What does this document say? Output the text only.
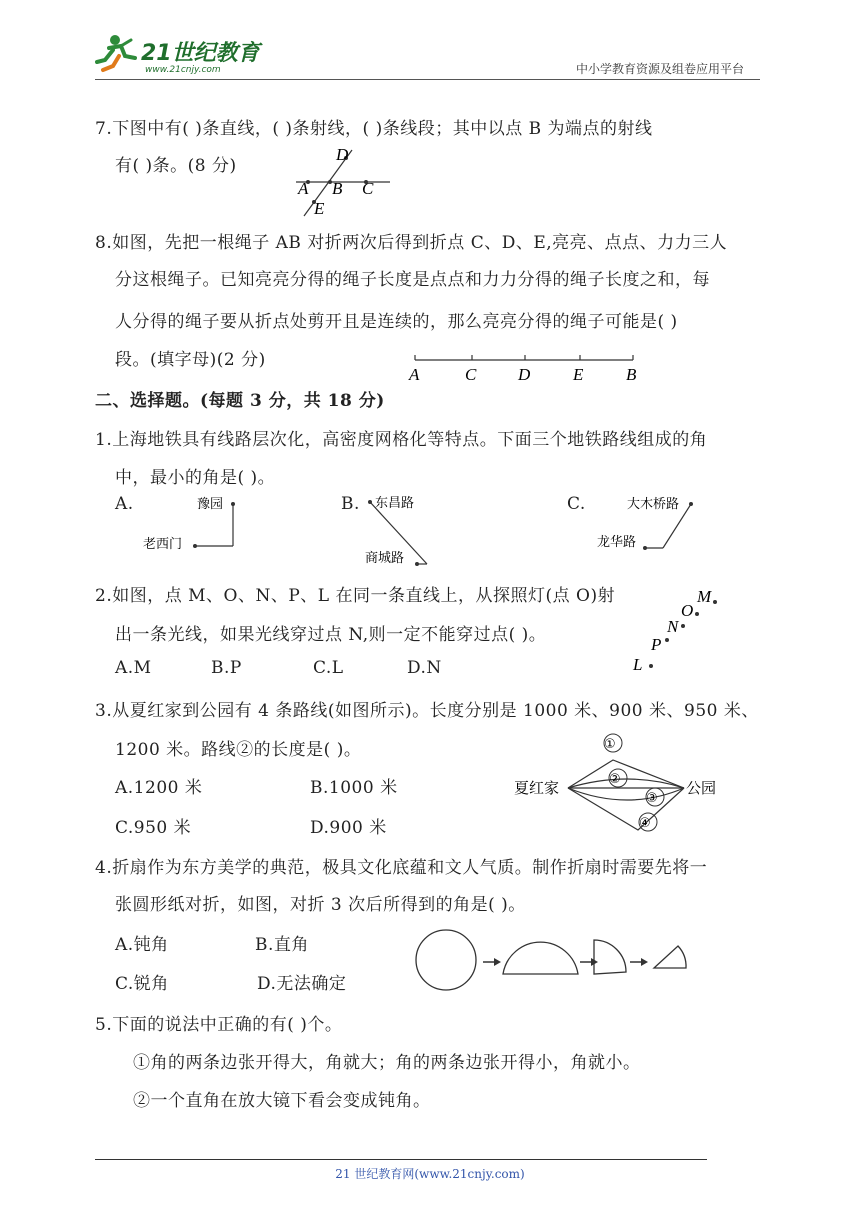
21世纪教育
www.21cnjy.com	中小学教育资源及组卷应用平台
7.下图中有( )条直线，( )条射线，( )条线段；其中以点 B 为端点的射线
有( )条。(8 分)
D
A B C
E
8.如图，先把一根绳子 AB 对折两次后得到折点 C、D、E,亮亮、点点、力力三人
分这根绳子。已知亮亮分得的绳子长度是点点和力力分得的绳子长度之和，每
人分得的绳子要从折点处剪开且是连续的，那么亮亮分得的绳子可能是( )
段。(填字母)(2 分)
A	C D	E	B
二、选择题。(每题 3 分，共 18 分)
1.上海地铁具有线路层次化，高密度网格化等特点。下面三个地铁路线组成的角
中，最小的角是( )。
A.	B.	C.
豫园
老西门
东昌路
商城路
大木桥路
龙华路
2.如图，点 M、O、N、P、L 在同一条直线上，从探照灯(点 O)射
出一条光线，如果光线穿过点 N,则一定不能穿过点( )。
A.M	B.P	C.L	D.N
M
O
N
P
L
3.从夏红家到公园有 4 条路线(如图所示)。长度分别是 1000 米、900 米、950 米、
1200 米。路线②的长度是( )。
A.1200 米	B.1000 米
C.950 米	D.900 米
①
②
③
④
夏红家	公园
4.折扇作为东方美学的典范，极具文化底蕴和文人气质。制作折扇时需要先将一
张圆形纸对折，如图，对折 3 次后所得到的角是( )。
A.钝角	B.直角
C.锐角	D.无法确定
5.下面的说法中正确的有( )个。
①角的两条边张开得大，角就大；角的两条边张开得小，角就小。
②一个直角在放大镜下看会变成钝角。
21 世纪教育网(www.21cnjy.com)
